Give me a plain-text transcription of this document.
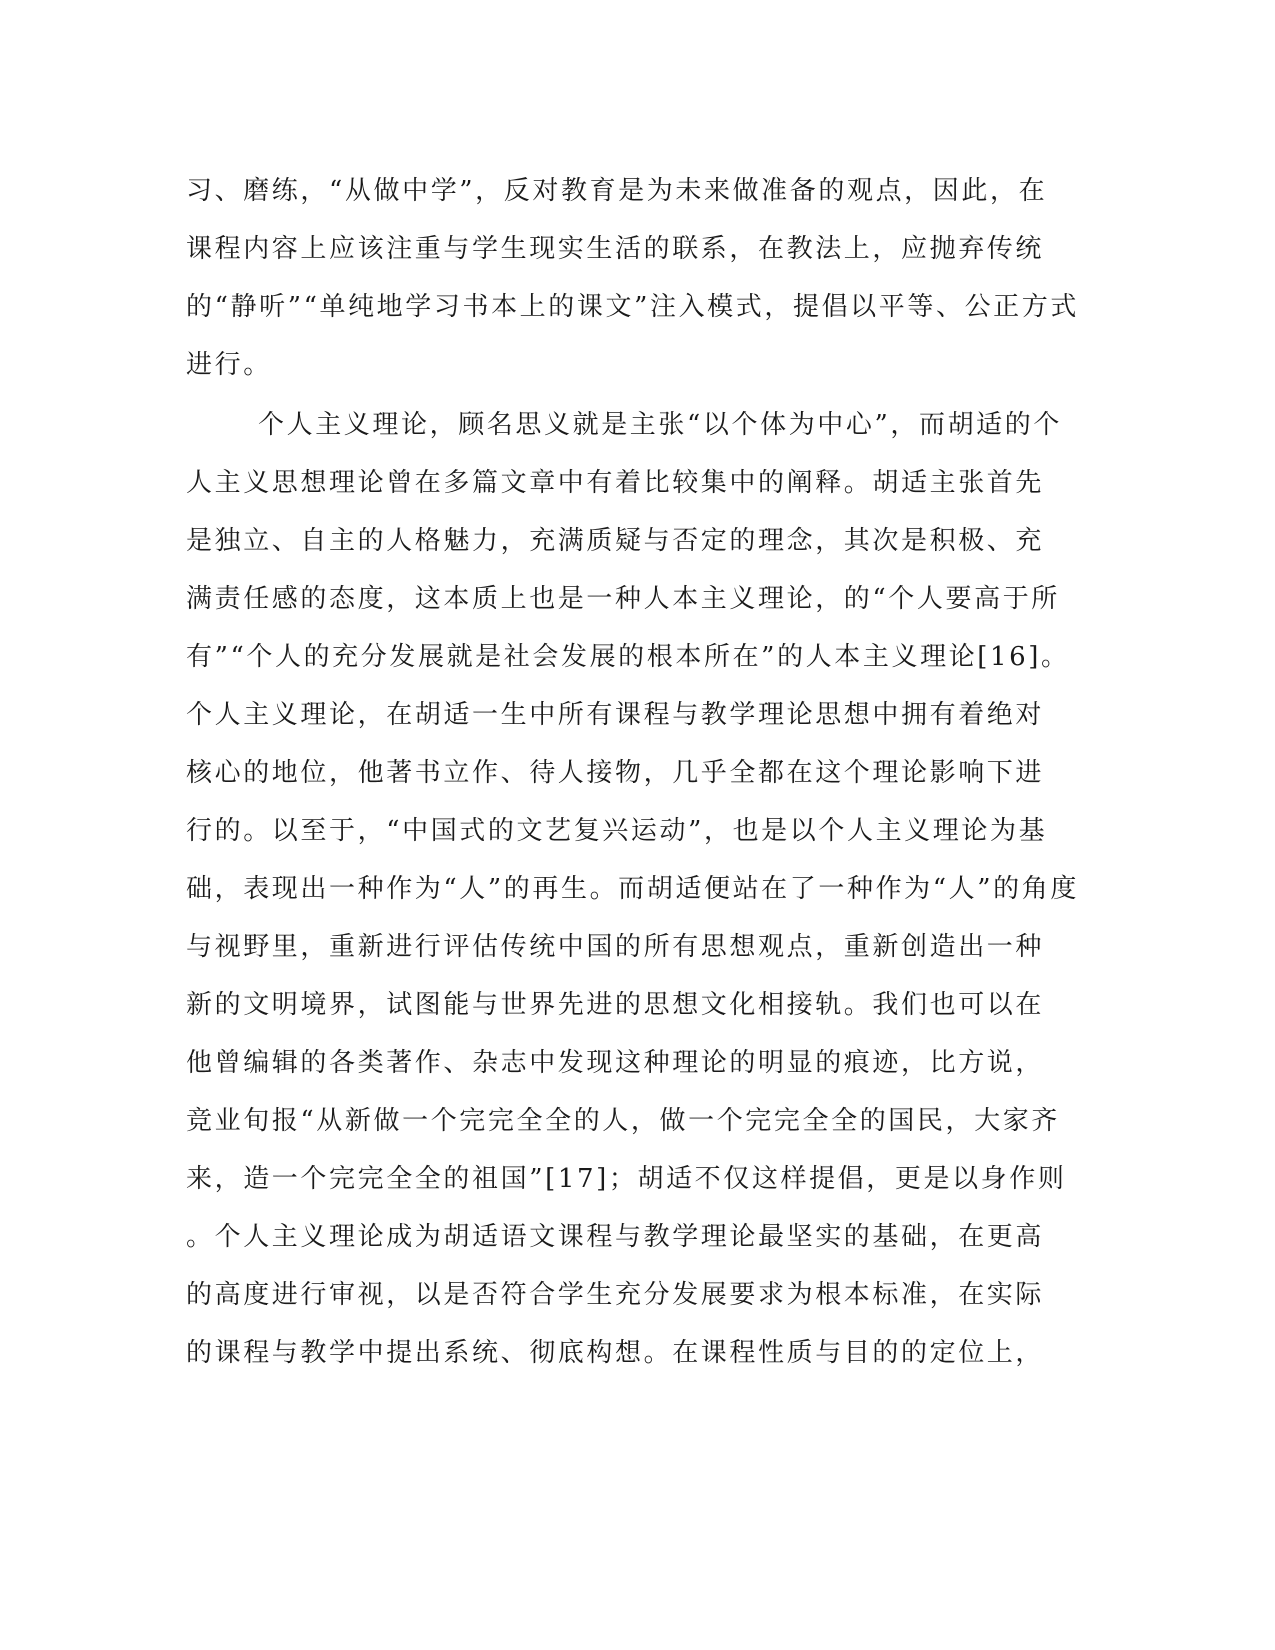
习、磨练，“从做中学”，反对教育是为未来做准备的观点，因此，在
课程内容上应该注重与学生现实生活的联系，在教法上，应抛弃传统
的“静听”“单纯地学习书本上的课文”注入模式，提倡以平等、公正方式
进行。
个人主义理论，顾名思义就是主张“以个体为中心”，而胡适的个
人主义思想理论曾在多篇文章中有着比较集中的阐释。胡适主张首先
是独立、自主的人格魅力，充满质疑与否定的理念，其次是积极、充
满责任感的态度，这本质上也是一种人本主义理论，的“个人要高于所
有”“个人的充分发展就是社会发展的根本所在”的人本主义理论[16]。
个人主义理论，在胡适一生中所有课程与教学理论思想中拥有着绝对
核心的地位，他著书立作、待人接物，几乎全都在这个理论影响下进
行的。以至于，“中国式的文艺复兴运动”，也是以个人主义理论为基
础，表现出一种作为“人”的再生。而胡适便站在了一种作为“人”的角度
与视野里，重新进行评估传统中国的所有思想观点，重新创造出一种
新的文明境界，试图能与世界先进的思想文化相接轨。我们也可以在
他曾编辑的各类著作、杂志中发现这种理论的明显的痕迹，比方说，
竞业旬报“从新做一个完完全全的人，做一个完完全全的国民，大家齐
来，造一个完完全全的祖国”[17]；胡适不仅这样提倡，更是以身作则
。个人主义理论成为胡适语文课程与教学理论最坚实的基础，在更高
的高度进行审视，以是否符合学生充分发展要求为根本标准，在实际
的课程与教学中提出系统、彻底构想。在课程性质与目的的定位上，
